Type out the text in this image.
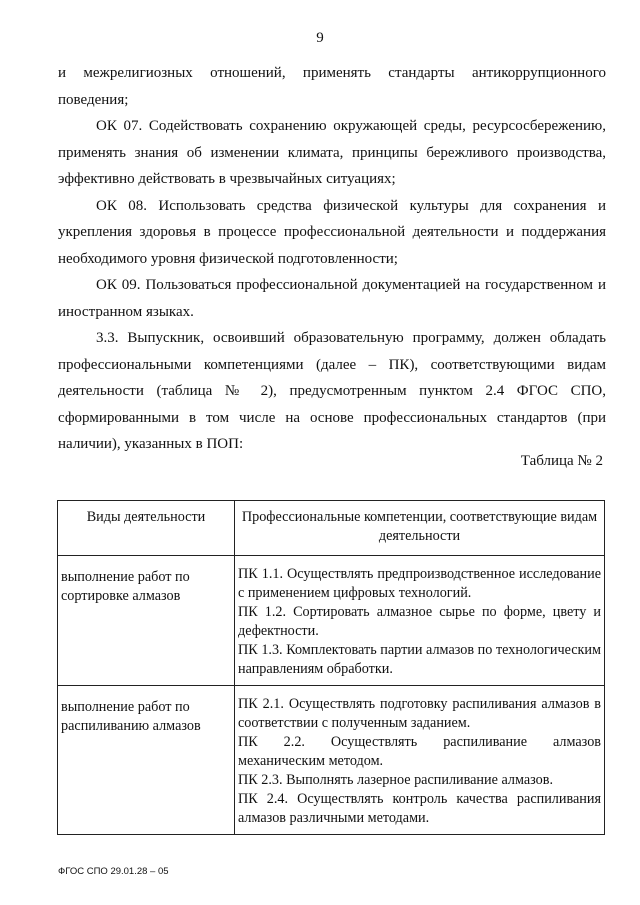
9

и межрелигиозных отношений, применять стандарты антикоррупционного поведения;

ОК 07. Содействовать сохранению окружающей среды, ресурсосбережению, применять знания об изменении климата, принципы бережливого производства, эффективно действовать в чрезвычайных ситуациях;

ОК 08. Использовать средства физической культуры для сохранения и укрепления здоровья в процессе профессиональной деятельности и поддержания необходимого уровня физической подготовленности;

ОК 09. Пользоваться профессиональной документацией на государственном и иностранном языках.

3.3. Выпускник, освоивший образовательную программу, должен обладать профессиональными компетенциями (далее – ПК), соответствующими видам деятельности (таблица № 2), предусмотренным пунктом 2.4 ФГОС СПО, сформированными в том числе на основе профессиональных стандартов (при наличии), указанных в ПОП:

Таблица № 2
Виды деятельности	Профессиональные компетенции, соответствующие видам деятельности
выполнение работ по сортировке алмазов	ПК 1.1. Осуществлять предпроизводственное исследование с применением цифровых технологий.
ПК 1.2. Сортировать алмазное сырье по форме, цвету и дефектности.
ПК 1.3. Комплектовать партии алмазов по технологическим направлениям обработки.

выполнение работ по распиливанию алмазов	ПК 2.1. Осуществлять подготовку распиливания алмазов в соответствии с полученным заданием.
ПК 2.2. Осуществлять распиливание алмазов механическим методом.
ПК 2.3. Выполнять лазерное распиливание алмазов.
ПК 2.4. Осуществлять контроль качества распиливания алмазов различными методами.
ФГОС СПО 29.01.28 – 05
